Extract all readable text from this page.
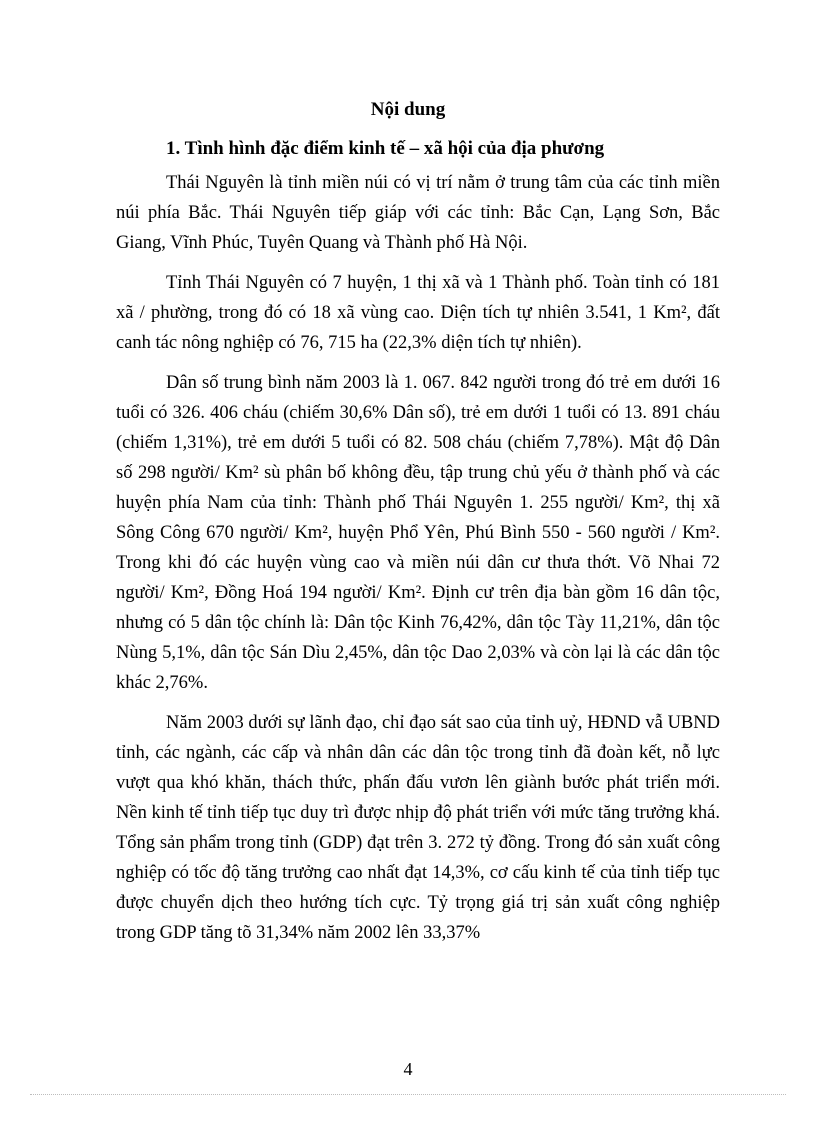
Nội dung
1. Tình hình đặc điểm kinh tế – xã hội của địa phương

Thái Nguyên là tỉnh miền núi có vị trí nằm ở trung tâm của các tỉnh miền núi phía Bắc. Thái Nguyên tiếp giáp với các tỉnh: Bắc Cạn, Lạng Sơn, Bắc Giang, Vĩnh Phúc, Tuyên Quang và Thành phố Hà Nội.

Tỉnh Thái Nguyên có 7 huyện, 1 thị xã và 1 Thành phố. Toàn tỉnh có 181 xã / phường, trong đó có 18 xã vùng cao. Diện tích tự nhiên 3.541, 1 Km², đất canh tác nông nghiệp có 76, 715 ha (22,3% diện tích tự nhiên).

Dân số trung bình năm 2003 là 1. 067. 842 người trong đó trẻ em dưới 16 tuổi có 326. 406 cháu (chiếm 30,6% Dân số), trẻ em dưới 1 tuổi có 13. 891 cháu (chiếm 1,31%), trẻ em dưới 5 tuổi có 82. 508 cháu (chiếm 7,78%). Mật độ Dân số 298 người/ Km² sù phân bố không đều, tập trung chủ yếu ở thành phố và các huyện phía Nam của tỉnh: Thành phố Thái Nguyên 1. 255 người/ Km², thị xã Sông Công 670 người/ Km², huyện Phổ Yên, Phú Bình 550 - 560 người / Km². Trong khi đó các huyện vùng cao và miền núi dân cư thưa thớt. Võ Nhai 72 người/ Km², Đồng Hoá 194 người/ Km². Định cư trên địa bàn gồm 16 dân tộc, nhưng có 5 dân tộc chính là: Dân tộc Kinh 76,42%, dân tộc Tày 11,21%, dân tộc Nùng 5,1%, dân tộc Sán Dìu 2,45%, dân tộc Dao 2,03% và còn lại là các dân tộc khác 2,76%.

Năm 2003 dưới sự lãnh đạo, chỉ đạo sát sao của tỉnh uỷ, HĐND vẫ UBND tỉnh, các ngành, các cấp và nhân dân các dân tộc trong tỉnh đã đoàn kết, nỗ lực vượt qua khó khăn, thách thức, phấn đấu vươn lên giành bước phát triển mới. Nền kinh tế tỉnh tiếp tục duy trì được nhịp độ phát triển với mức tăng trưởng khá. Tổng sản phẩm trong tỉnh (GDP) đạt trên 3. 272 tỷ đồng. Trong đó sản xuất công nghiệp có tốc độ tăng trưởng cao nhất đạt 14,3%, cơ cấu kinh tế của tỉnh tiếp tục được chuyển dịch theo hướng tích cực. Tỷ trọng giá trị sản xuất công nghiệp trong GDP tăng tõ 31,34% năm 2002 lên 33,37%

4
